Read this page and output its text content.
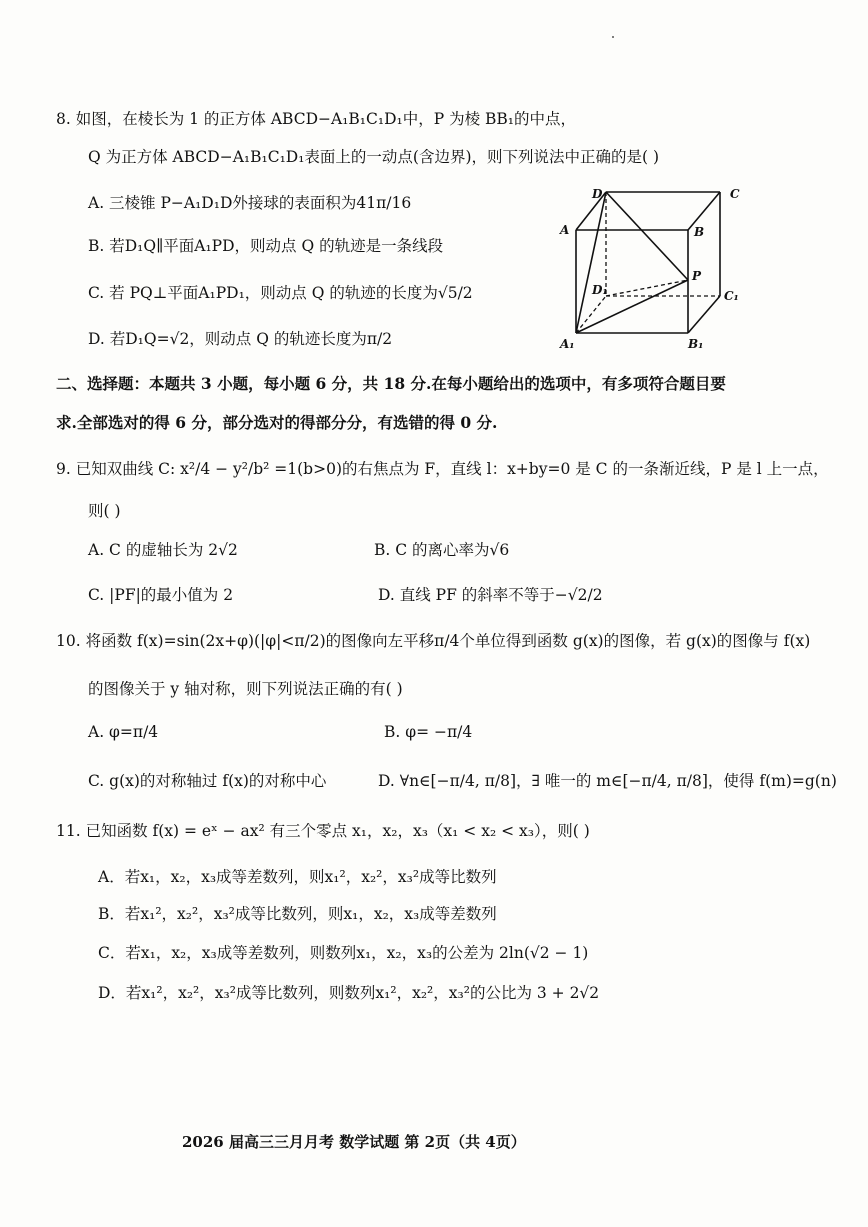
8. 如图，在棱长为 1 的正方体 ABCD−A₁B₁C₁D₁中，P 为棱 BB₁的中点，
Q 为正方体 ABCD−A₁B₁C₁D₁表面上的一动点(含边界)，则下列说法中正确的是( )
A. 三棱锥 P−A₁D₁D外接球的表面积为41π/16
B. 若D₁Q∥平面A₁PD，则动点 Q 的轨迹是一条线段
C. 若 PQ⊥平面A₁PD₁，则动点 Q 的轨迹的长度为√5/2
D. 若D₁Q=√2，则动点 Q 的轨迹长度为π/2
D	C
A	B
P
D₁	C₁
A₁	B₁
二、选择题：本题共 3 小题，每小题 6 分，共 18 分.在每小题给出的选项中，有多项符合题目要
求.全部选对的得 6 分，部分选对的得部分分，有选错的得 0 分.
9. 已知双曲线 C: x²/4 − y²/b² =1(b>0)的右焦点为 F，直线 l：x+by=0 是 C 的一条渐近线，P 是 l 上一点，
则( )
A. C 的虚轴长为 2√2	B. C 的离心率为√6
C. |PF|的最小值为 2	D. 直线 PF 的斜率不等于−√2/2
10. 将函数 f(x)=sin(2x+φ)(|φ|<π/2)的图像向左平移π/4个单位得到函数 g(x)的图像，若 g(x)的图像与 f(x)
的图像关于 y 轴对称，则下列说法正确的有( )
A. φ=π/4	B. φ= −π/4
C. g(x)的对称轴过 f(x)的对称中心	D. ∀n∈[−π/4, π/8]，∃ 唯一的 m∈[−π/4, π/8]，使得 f(m)=g(n)
11. 已知函数 f(x) = eˣ − ax² 有三个零点 x₁，x₂，x₃（x₁ < x₂ < x₃），则( )
A．若x₁，x₂，x₃成等差数列，则x₁²，x₂²，x₃²成等比数列
B．若x₁²，x₂²，x₃²成等比数列，则x₁，x₂，x₃成等差数列
C．若x₁，x₂，x₃成等差数列，则数列x₁，x₂，x₃的公差为 2ln(√2 − 1)
D．若x₁²，x₂²，x₃²成等比数列，则数列x₁²，x₂²，x₃²的公比为 3 + 2√2
2026 届高三三月月考 数学试题 第 2页（共 4页）
